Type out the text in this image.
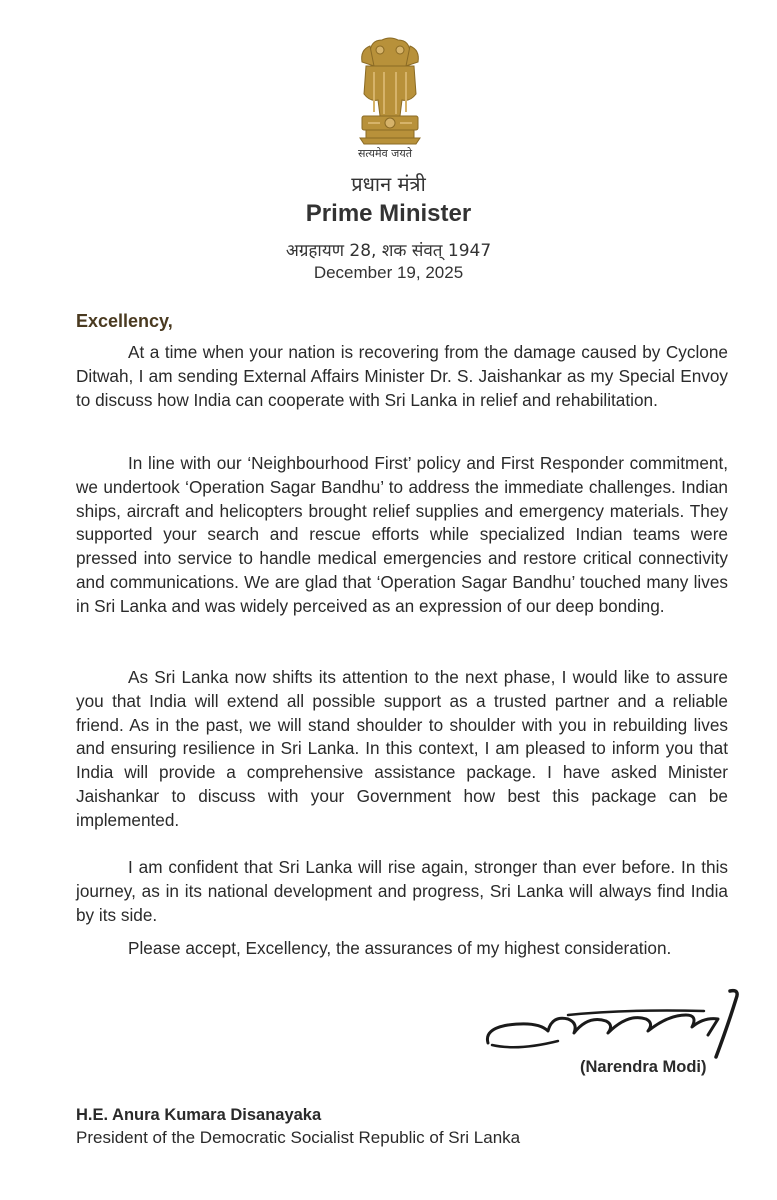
सत्यमेव जयते
प्रधान मंत्री
Prime Minister
अग्रहायण 28, शक संवत् 1947
December 19, 2025
Excellency,

At a time when your nation is recovering from the damage caused by Cyclone Ditwah, I am sending External Affairs Minister Dr. S. Jaishankar as my Special Envoy to discuss how India can cooperate with Sri Lanka in relief and rehabilitation.

In line with our ‘Neighbourhood First’ policy and First Responder commitment, we undertook ‘Operation Sagar Bandhu’ to address the immediate challenges. Indian ships, aircraft and helicopters brought relief supplies and emergency materials. They supported your search and rescue efforts while specialized Indian teams were pressed into service to handle medical emergencies and restore critical connectivity and communications. We are glad that ‘Operation Sagar Bandhu’ touched many lives in Sri Lanka and was widely perceived as an expression of our deep bonding.

As Sri Lanka now shifts its attention to the next phase, I would like to assure you that India will extend all possible support as a trusted partner and a reliable friend. As in the past, we will stand shoulder to shoulder with you in rebuilding lives and ensuring resilience in Sri Lanka. In this context, I am pleased to inform you that India will provide a comprehensive assistance package. I have asked Minister Jaishankar to discuss with your Government how best this package can be implemented.

I am confident that Sri Lanka will rise again, stronger than ever before. In this journey, as in its national development and progress, Sri Lanka will always find India by its side.

Please accept, Excellency, the assurances of my highest consideration.

(Narendra Modi)
H.E. Anura Kumara Disanayaka
President of the Democratic Socialist Republic of Sri Lanka
